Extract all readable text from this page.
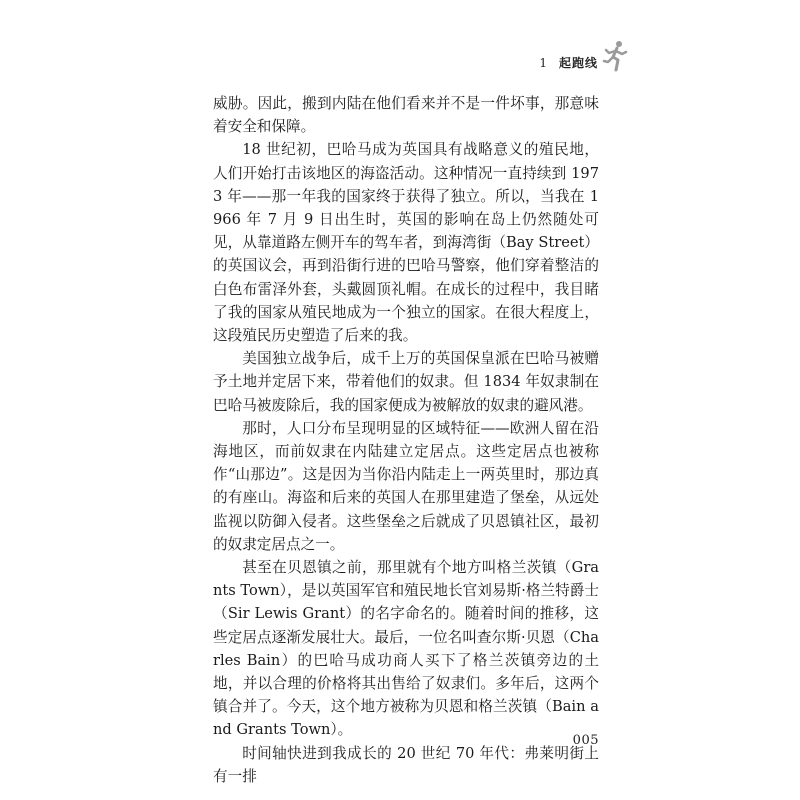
1 起跑线

威胁。因此，搬到内陆在他们看来并不是一件坏事，那意味着安全和保障。

18 世纪初，巴哈马成为英国具有战略意义的殖民地，人们开始打击该地区的海盗活动。这种情况一直持续到 1973 年——那一年我的国家终于获得了独立。所以，当我在 1966 年 7 月 9 日出生时，英国的影响在岛上仍然随处可见，从靠道路左侧开车的驾车者，到海湾街（Bay Street）的英国议会，再到沿街行进的巴哈马警察，他们穿着整洁的白色布雷泽外套，头戴圆顶礼帽。在成长的过程中，我目睹了我的国家从殖民地成为一个独立的国家。在很大程度上，这段殖民历史塑造了后来的我。

美国独立战争后，成千上万的英国保皇派在巴哈马被赠予土地并定居下来，带着他们的奴隶。但 1834 年奴隶制在巴哈马被废除后，我的国家便成为被解放的奴隶的避风港。

那时，人口分布呈现明显的区域特征——欧洲人留在沿海地区，而前奴隶在内陆建立定居点。这些定居点也被称作“山那边”。这是因为当你沿内陆走上一两英里时，那边真的有座山。海盗和后来的英国人在那里建造了堡垒，从远处监视以防御入侵者。这些堡垒之后就成了贝恩镇社区，最初的奴隶定居点之一。

甚至在贝恩镇之前，那里就有个地方叫格兰茨镇（Grants Town），是以英国军官和殖民地长官刘易斯·格兰特爵士（Sir Lewis Grant）的名字命名的。随着时间的推移，这些定居点逐渐发展壮大。最后，一位名叫查尔斯·贝恩（Charles Bain）的巴哈马成功商人买下了格兰茨镇旁边的土地，并以合理的价格将其出售给了奴隶们。多年后，这两个镇合并了。今天，这个地方被称为贝恩和格兰茨镇（Bain and Grants Town）。

时间轴快进到我成长的 20 世纪 70 年代：弗莱明街上有一排

005
